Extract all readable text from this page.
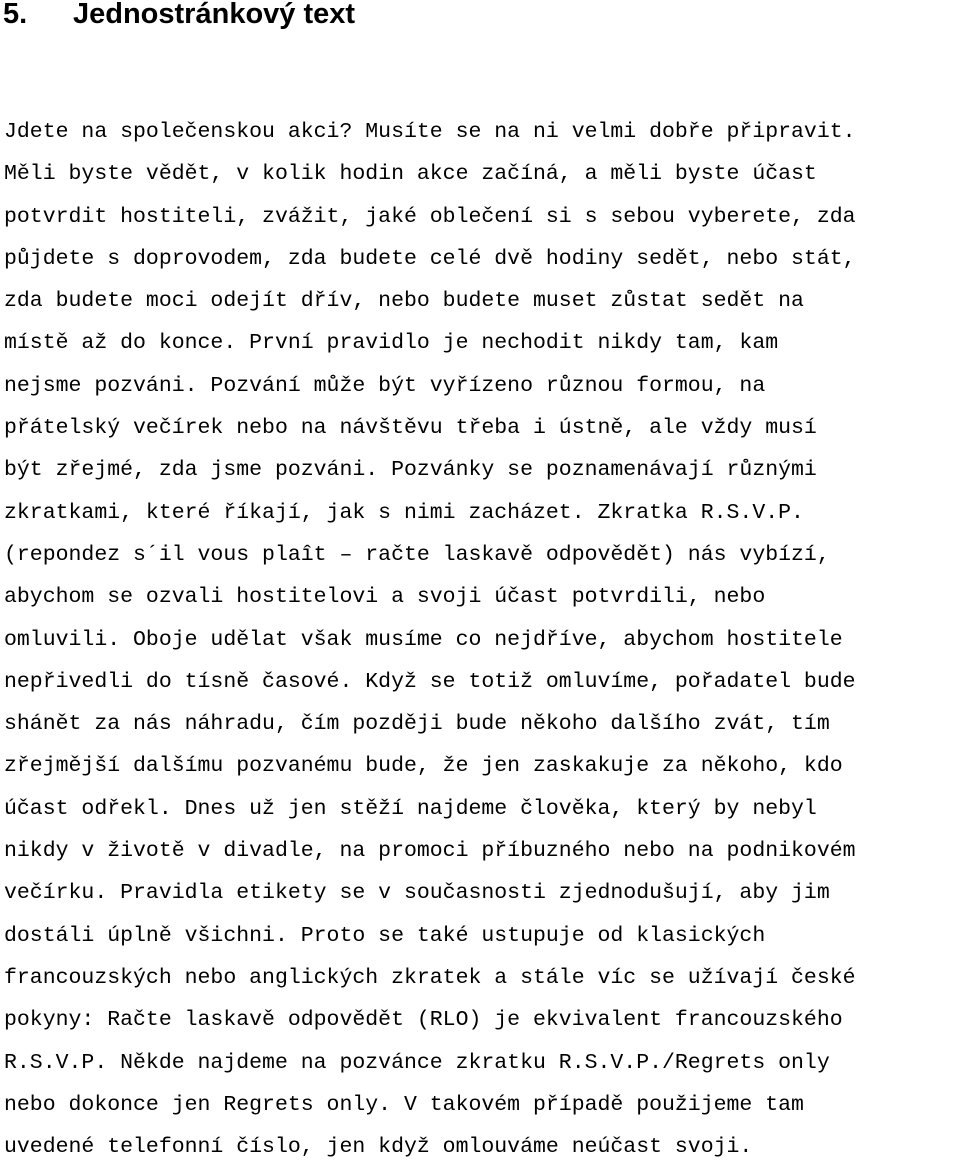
5. Jednostránkový text
Jdete na společenskou akci? Musíte se na ni velmi dobře připravit.
Měli byste vědět, v kolik hodin akce začíná, a měli byste účast
potvrdit hostiteli, zvážit, jaké oblečení si s sebou vyberete, zda
půjdete s doprovodem, zda budete celé dvě hodiny sedět, nebo stát,
zda budete moci odejít dřív, nebo budete muset zůstat sedět na
místě až do konce. První pravidlo je nechodit nikdy tam, kam
nejsme pozváni. Pozvání může být vyřízeno různou formou, na
přátelský večírek nebo na návštěvu třeba i ústně, ale vždy musí
být zřejmé, zda jsme pozváni. Pozvánky se poznamenávají různými
zkratkami, které říkají, jak s nimi zacházet. Zkratka R.S.V.P.
(repondez s´il vous plaît – račte laskavě odpovědět) nás vybízí,
abychom se ozvali hostitelovi a svoji účast potvrdili, nebo
omluvili. Oboje udělat však musíme co nejdříve, abychom hostitele
nepřivedli do tísně časové. Když se totiž omluvíme, pořadatel bude
shánět za nás náhradu, čím později bude někoho dalšího zvát, tím
zřejmější dalšímu pozvanému bude, že jen zaskakuje za někoho, kdo
účast odřekl. Dnes už jen stěží najdeme člověka, který by nebyl
nikdy v životě v divadle, na promoci příbuzného nebo na podnikovém
večírku. Pravidla etikety se v současnosti zjednodušují, aby jim
dostáli úplně všichni. Proto se také ustupuje od klasických
francouzských nebo anglických zkratek a stále víc se užívají české
pokyny: Račte laskavě odpovědět (RLO) je ekvivalent francouzského
R.S.V.P. Někde najdeme na pozvánce zkratku R.S.V.P./Regrets only
nebo dokonce jen Regrets only. V takovém případě použijeme tam
uvedené telefonní číslo, jen když omlouváme neúčast svoji.
